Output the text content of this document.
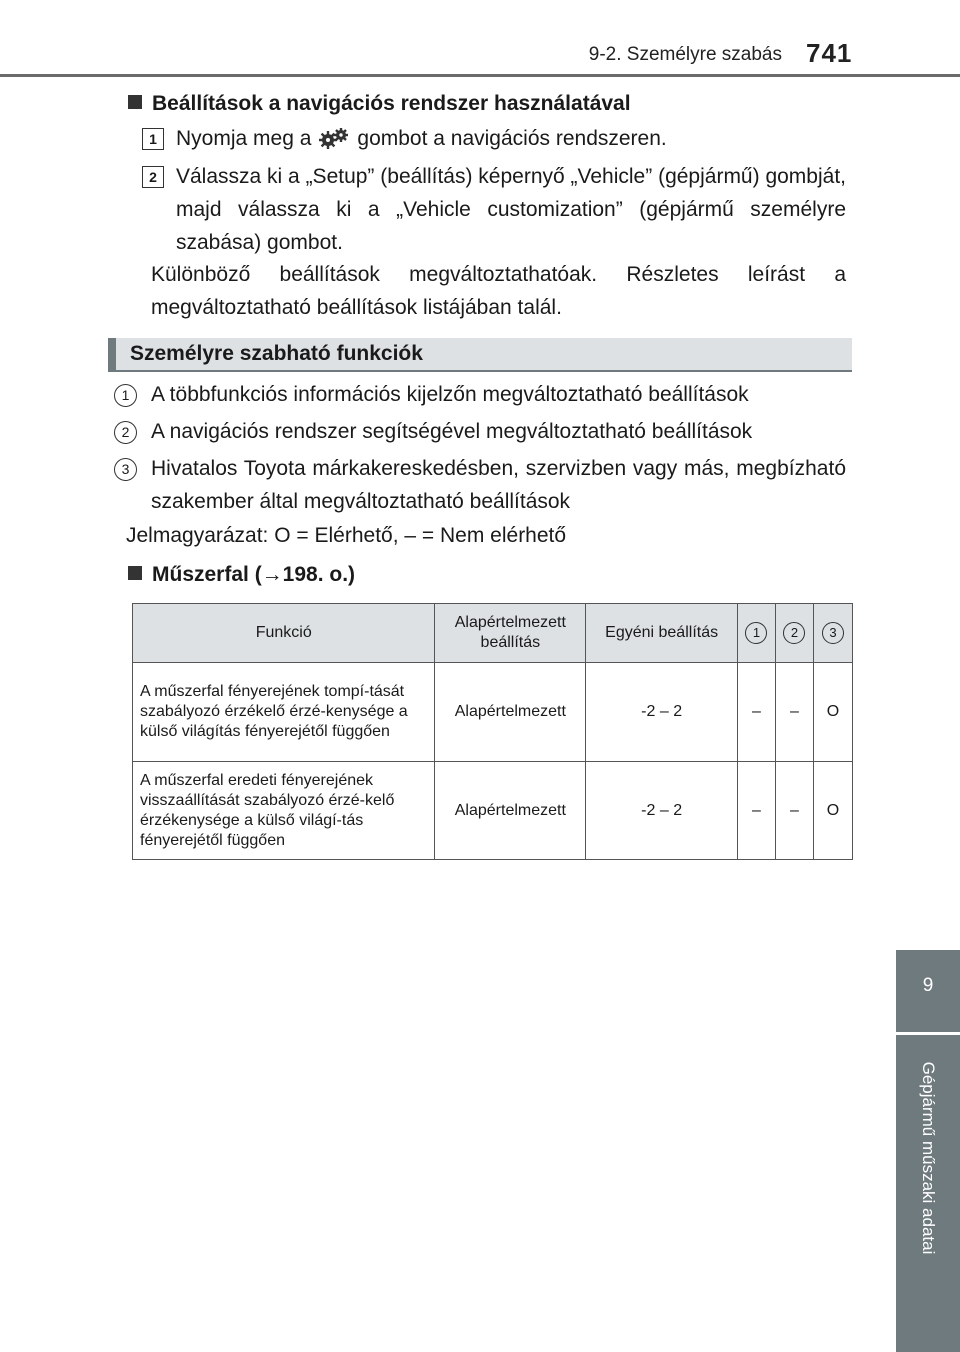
9-2. Személyre szabás 741
9
Gépjármű műszaki adatai
Beállítások a navigációs rendszer használatával
1 Nyomja meg a gombot a navigációs rendszeren.
2 Válassza ki a „Setup” (beállítás) képernyő „Vehicle” (gépjármű) gombját, majd válassza ki a „Vehicle customization” (gépjármű személyre szabása) gombot.
Különböző beállítások megváltoztathatóak. Részletes leírást a megváltoztatható beállítások listájában talál.
Személyre szabható funkciók
1	A többfunkciós információs kijelzőn megváltoztatható beállítások
2	A navigációs rendszer segítségével megváltoztatható beállítások
3	Hivatalos Toyota márkakereskedésben, szervizben vagy más, megbízható szakember által megváltoztatható beállítások
Jelmagyarázat: O = Elérhető, – = Nem elérhető
Műszerfal (→198. o.)
Funkció	Alapértelmezett beállítás	Egyéni beállítás	1	2	3
A műszerfal fényerejének tompí-tását szabályozó érzékelő érzé-kenysége a külső világítás fényerejétől függően	Alapértelmezett	-2 – 2	–	–	O
A műszerfal eredeti fényerejének visszaállítását szabályozó érzé-kelő érzékenysége a külső világí-tás fényerejétől függően	Alapértelmezett	-2 – 2	–	–	O
